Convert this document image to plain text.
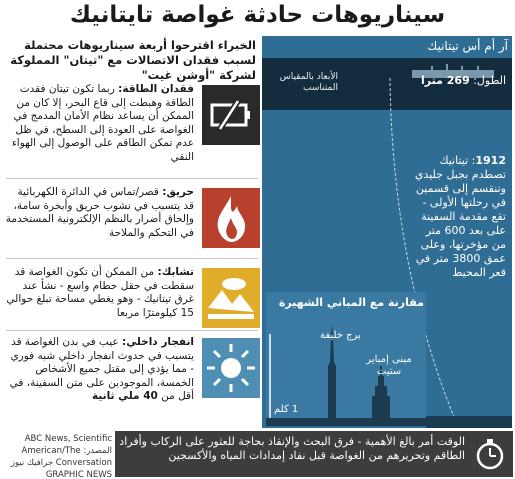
سيناريوهات حادثة غواصة تايتانيك
الخبراء اقترحوا أربعة سيناريوهات محتملة لسبب فقدان الاتصالات مع "تيتان" المملوكة لشركة "أوشن غيت"
فقدان الطاقة: ربما تكون تيتان فقدت الطاقة وهبطت إلى قاع البحر، إلا كان من الممكن أن يساعد نظام الأمان المدمج في الغواصة على العودة إلى السطح، في ظل عدم تمكن الطاقم على الوصول إلى الهواء النقي
حريق: قصر/تماس في الدائرة الكهربائية قد يتسبب في نشوب حريق وأبخرة سامة، وإلحاق أضرار بالنظم الإلكترونية المستخدمة في التحكم والملاحة
تشابك: من الممكن أن تكون الغواصة قد سقطت في حقل حطام واسع - نشأ عند غرق تيتانيك - وهو يغطي مساحة تبلغ حوالي 15 كيلومترًا مربعا
انفجار داخلي: عيب في بدن الغواصة قد يتسبب في حدوث انفجار داخلي شبه فوري - مما يؤدي إلى مقتل جميع الأشخاص الخمسة، الموجودين على متن السفينة، في أقل من 40 ملي ثانية
آر أم أس تيتانيك
الأبعاد بالمقياس المتناسب
الطول: 269 مترا
1912: تيتانيك تصطدم بجبل جليدي وتنقسم إلى قسمين في رحلتها الأولى - تقع مقدمة السفينة على بعد 600 متر من مؤخرتها، وعلى عمق 3800 متر في قعر المحيط
مقارنة مع المباني الشهيرة
برج خليفة
مبنى إمباير ستيت
1 كلم
الوقت أمر بالغ الأهمية - فرق البحث والإنقاذ بحاجة للعثور على الركاب وأفراد الطاقم وتحريرهم من الغواصة قبل نفاد إمدادات المياه والأكسجين
ABC News, Scientific المصدر: American/The Conversation جرافيك نيوز GRAPHIC NEWS
